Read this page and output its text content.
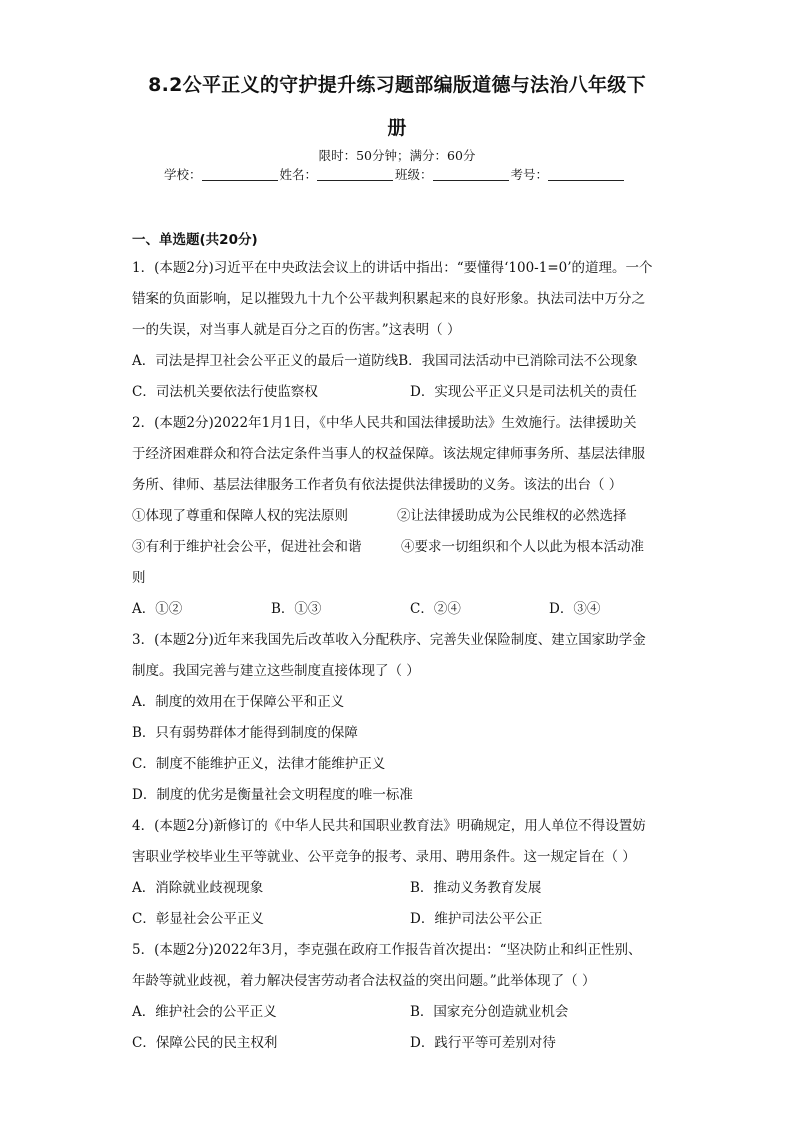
8.2公平正义的守护提升练习题部编版道德与法治八年级下
册
限时：50分钟；满分：60分
学校：	姓名：	班级：	考号：
一、单选题(共20分)
1．(本题2分)习近平在中央政法会议上的讲话中指出：“要懂得‘100-1=0’的道理。一个
错案的负面影响，足以摧毁九十九个公平裁判积累起来的良好形象。执法司法中万分之
一的失误，对当事人就是百分之百的伤害。”这表明（ ）
A．司法是捍卫社会公平正义的最后一道防线B．我国司法活动中已消除司法不公现象
C．司法机关要依法行使监察权	D．实现公平正义只是司法机关的责任
2．(本题2分)2022年1月1日，《中华人民共和国法律援助法》生效施行。法律援助关
于经济困难群众和符合法定条件当事人的权益保障。该法规定律师事务所、基层法律服
务所、律师、基层法律服务工作者负有依法提供法律援助的义务。该法的出台（ ）
①体现了尊重和保障人权的宪法原则	②让法律援助成为公民维权的必然选择
③有利于维护社会公平，促进社会和谐	④要求一切组织和个人以此为根本活动准
则
A．①②	B．①③	C．②④	D．③④
3．(本题2分)近年来我国先后改革收入分配秩序、完善失业保险制度、建立国家助学金
制度。我国完善与建立这些制度直接体现了（ ）
A．制度的效用在于保障公平和正义
B．只有弱势群体才能得到制度的保障
C．制度不能维护正义，法律才能维护正义
D．制度的优劣是衡量社会文明程度的唯一标准
4．(本题2分)新修订的《中华人民共和国职业教育法》明确规定，用人单位不得设置妨
害职业学校毕业生平等就业、公平竞争的报考、录用、聘用条件。这一规定旨在（ ）
A．消除就业歧视现象	B．推动义务教育发展
C．彰显社会公平正义	D．维护司法公平公正
5．(本题2分)2022年3月，李克强在政府工作报告首次提出：“坚决防止和纠正性别、
年龄等就业歧视，着力解决侵害劳动者合法权益的突出问题。”此举体现了（ ）
A．维护社会的公平正义	B．国家充分创造就业机会
C．保障公民的民主权利	D．践行平等可差别对待
